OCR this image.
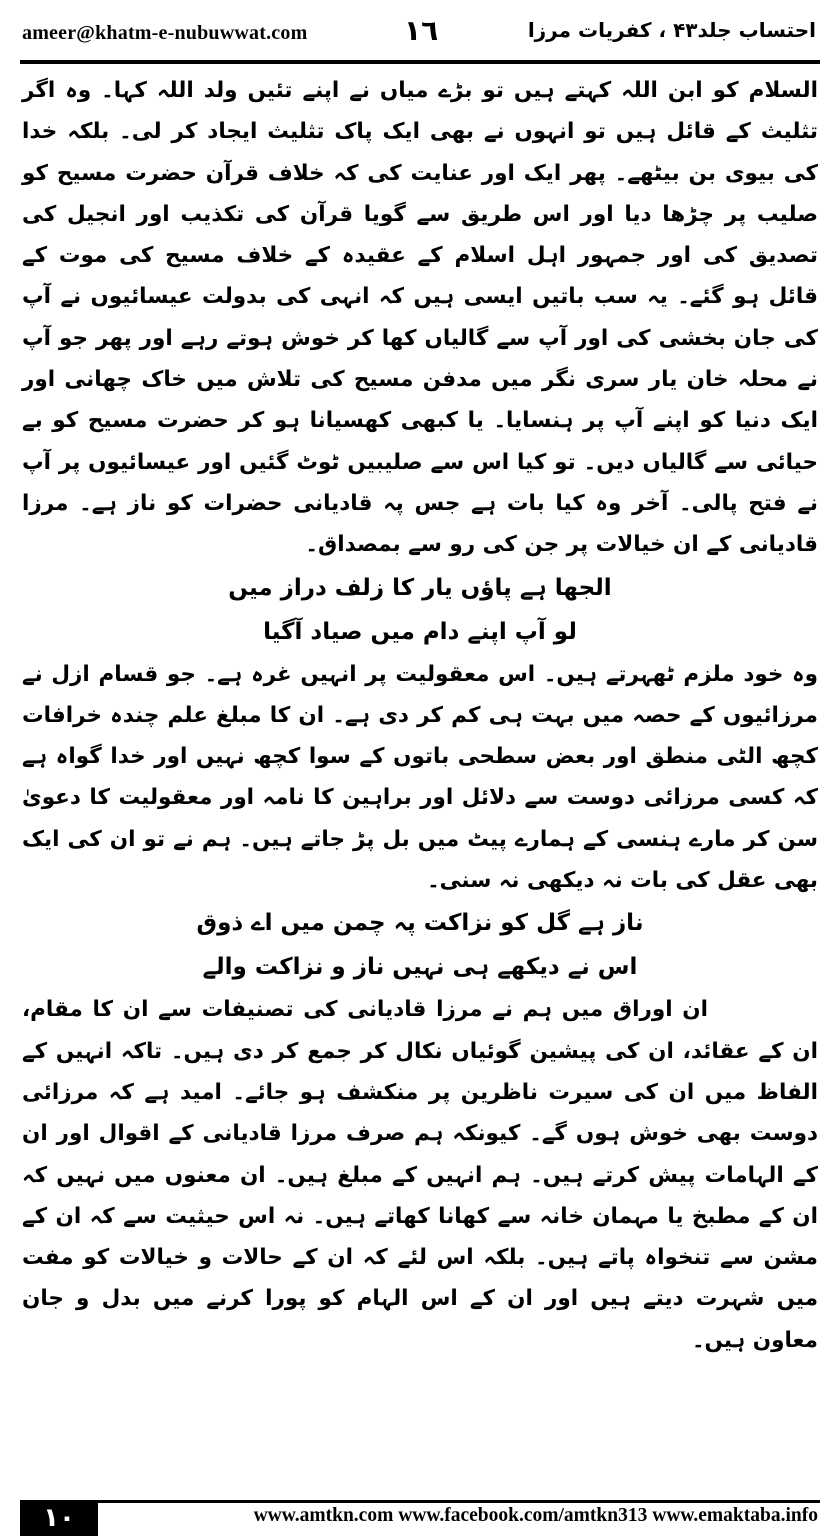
ameer@khatm-e-nubuwwat.com	١٦	احتساب جلد۴۳ ، کفریات مرزا

السلام کو ابن اللہ کہتے ہیں تو بڑے میاں نے اپنے تئیں ولد اللہ کہا۔ وہ اگر تثلیث کے قائل ہیں تو انہوں نے بھی ایک پاک تثلیث ایجاد کر لی۔ بلکہ خدا کی بیوی بن بیٹھے۔ پھر ایک اور عنایت کی کہ خلاف قرآن حضرت مسیح کو صلیب پر چڑھا دیا اور اس طریق سے گویا قرآن کی تکذیب اور انجیل کی تصدیق کی اور جمہور اہل اسلام کے عقیدہ کے خلاف مسیح کی موت کے قائل ہو گئے۔ یہ سب باتیں ایسی ہیں کہ انہی کی بدولت عیسائیوں نے آپ کی جان بخشی کی اور آپ سے گالیاں کھا کر خوش ہوتے رہے اور پھر جو آپ نے محلہ خان یار سری نگر میں مدفن مسیح کی تلاش میں خاک چھانی اور ایک دنیا کو اپنے آپ پر ہنسایا۔ یا کبھی کھسیانا ہو کر حضرت مسیح کو بے حیائی سے گالیاں دیں۔ تو کیا اس سے صلیبیں ٹوٹ گئیں اور عیسائیوں پر آپ نے فتح پالی۔ آخر وہ کیا بات ہے جس پہ قادیانی حضرات کو ناز ہے۔ مرزا قادیانی کے ان خیالات پر جن کی رو سے بمصداق۔

الجھا ہے پاؤں یار کا زلف دراز میں
لو آپ اپنے دام میں صیاد آگیا

وہ خود ملزم ٹھہرتے ہیں۔ اس معقولیت پر انہیں غرہ ہے۔ جو قسام ازل نے مرزائیوں کے حصہ میں بہت ہی کم کر دی ہے۔ ان کا مبلغ علم چندہ خرافات کچھ الٹی منطق اور بعض سطحی باتوں کے سوا کچھ نہیں اور خدا گواہ ہے کہ کسی مرزائی دوست سے دلائل اور براہین کا نامہ اور معقولیت کا دعویٰ سن کر مارے ہنسی کے ہمارے پیٹ میں بل پڑ جاتے ہیں۔ ہم نے تو ان کی ایک بھی عقل کی بات نہ دیکھی نہ سنی۔

ناز ہے گل کو نزاکت پہ چمن میں اے ذوق
اس نے دیکھے ہی نہیں ناز و نزاکت والے

ان اوراق میں ہم نے مرزا قادیانی کی تصنیفات سے ان کا مقام، ان کے عقائد، ان کی پیشین گوئیاں نکال کر جمع کر دی ہیں۔ تاکہ انہیں کے الفاظ میں ان کی سیرت ناظرین پر منکشف ہو جائے۔ امید ہے کہ مرزائی دوست بھی خوش ہوں گے۔ کیونکہ ہم صرف مرزا قادیانی کے اقوال اور ان کے الہامات پیش کرتے ہیں۔ ہم انہیں کے مبلغ ہیں۔ ان معنوں میں نہیں کہ ان کے مطبخ یا مہمان خانہ سے کھانا کھاتے ہیں۔ نہ اس حیثیت سے کہ ان کے مشن سے تنخواہ پاتے ہیں۔ بلکہ اس لئے کہ ان کے حالات و خیالات کو مفت میں شہرت دیتے ہیں اور ان کے اس الہام کو پورا کرنے میں بدل و جان معاون ہیں۔

١٠	www.amtkn.com www.facebook.com/amtkn313 www.emaktaba.info
